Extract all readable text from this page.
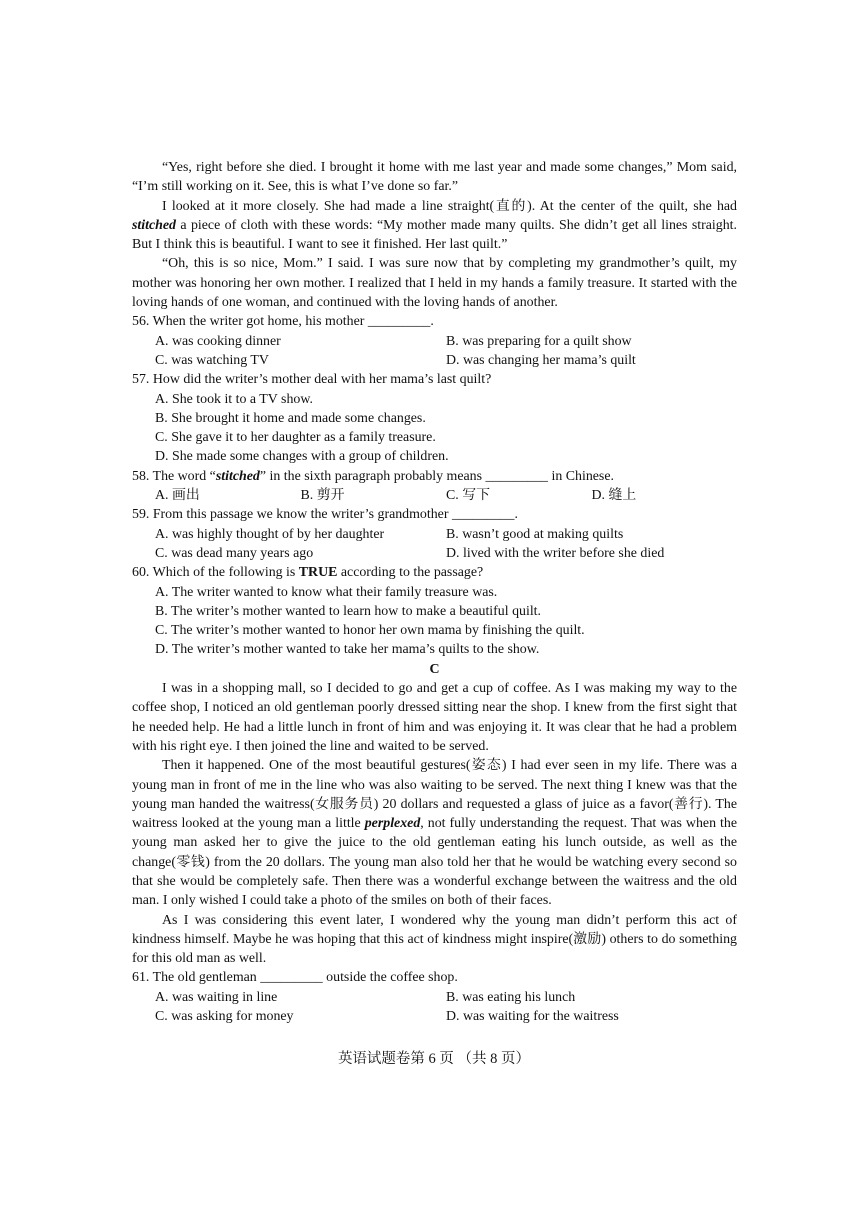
“Yes, right before she died. I brought it home with me last year and made some changes,” Mom said, “I’m still working on it. See, this is what I’ve done so far.”

I looked at it more closely. She had made a line straight(直的). At the center of the quilt, she had stitched a piece of cloth with these words: “My mother made many quilts. She didn’t get all lines straight. But I think this is beautiful. I want to see it finished. Her last quilt.”

“Oh, this is so nice, Mom.” I said. I was sure now that by completing my grandmother’s quilt, my mother was honoring her own mother. I realized that I held in my hands a family treasure. It started with the loving hands of one woman, and continued with the loving hands of another.

56. When the writer got home, his mother _________.

A. was cooking dinner	B. was preparing for a quilt show
C. was watching TV	D. was changing her mama’s quilt

57. How did the writer’s mother deal with her mama’s last quilt?

A. She took it to a TV show.

B. She brought it home and made some changes.

C. She gave it to her daughter as a family treasure.

D. She made some changes with a group of children.

58. The word “stitched” in the sixth paragraph probably means _________ in Chinese.

A. 画出	B. 剪开	C. 写下	D. 缝上

59. From this passage we know the writer’s grandmother _________.

A. was highly thought of by her daughter	B. wasn’t good at making quilts
C. was dead many years ago	D. lived with the writer before she died

60. Which of the following is TRUE according to the passage?

A. The writer wanted to know what their family treasure was.

B. The writer’s mother wanted to learn how to make a beautiful quilt.

C. The writer’s mother wanted to honor her own mama by finishing the quilt.

D. The writer’s mother wanted to take her mama’s quilts to the show.

C

I was in a shopping mall, so I decided to go and get a cup of coffee. As I was making my way to the coffee shop, I noticed an old gentleman poorly dressed sitting near the shop. I knew from the first sight that he needed help. He had a little lunch in front of him and was enjoying it. It was clear that he had a problem with his right eye. I then joined the line and waited to be served.

Then it happened. One of the most beautiful gestures(姿态) I had ever seen in my life. There was a young man in front of me in the line who was also waiting to be served. The next thing I knew was that the young man handed the waitress(女服务员) 20 dollars and requested a glass of juice as a favor(善行). The waitress looked at the young man a little perplexed, not fully understanding the request. That was when the young man asked her to give the juice to the old gentleman eating his lunch outside, as well as the change(零钱) from the 20 dollars. The young man also told her that he would be watching every second so that she would be completely safe. Then there was a wonderful exchange between the waitress and the old man. I only wished I could take a photo of the smiles on both of their faces.

As I was considering this event later, I wondered why the young man didn’t perform this act of kindness himself. Maybe he was hoping that this act of kindness might inspire(激励) others to do something for this old man as well.

61. The old gentleman _________ outside the coffee shop.

A. was waiting in line	B. was eating his lunch
C. was asking for money	D. was waiting for the waitress
英语试题卷第 6 页 （共 8 页）
